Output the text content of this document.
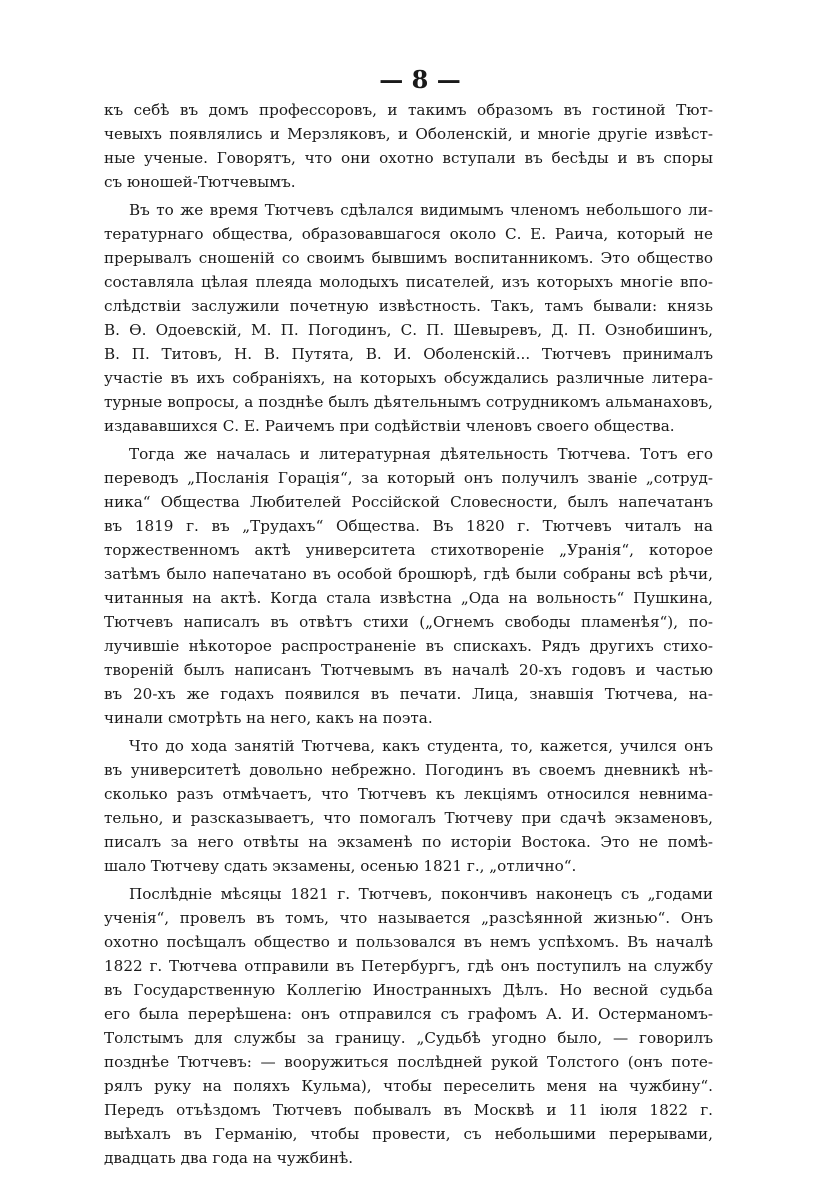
— 8 —
къ себѣ въ домъ профессоровъ, и такимъ образомъ въ гостиной Тют-
чевыхъ появлялись и Мерзляковъ, и Оболенскій, и многіе другіе извѣст-
ные ученые. Говорятъ, что они охотно вступали въ бесѣды и въ споры
съ юношей-Тютчевымъ.
Въ то же время Тютчевъ сдѣлался видимымъ членомъ небольшого ли-
тературнаго общества, образовавшагося около С. Е. Раича, который не
прерывалъ сношеній со своимъ бывшимъ воспитанникомъ. Это общество
составляла цѣлая плеяда молодыхъ писателей, изъ которыхъ многіе впо-
слѣдствіи заслужили почетную извѣстность. Такъ, тамъ бывали: князь
В. Ѳ. Одоевскій, М. П. Погодинъ, С. П. Шевыревъ, Д. П. Ознобишинъ,
В. П. Титовъ, Н. В. Путята, В. И. Оболенскій... Тютчевъ принималъ
участіе въ ихъ собраніяхъ, на которыхъ обсуждались различные литера-
турные вопросы, а позднѣе былъ дѣятельнымъ сотрудникомъ альманаховъ,
издававшихся С. Е. Раичемъ при содѣйствіи членовъ своего общества.
Тогда же началась и литературная дѣятельность Тютчева. Тотъ его
переводъ „Посланія Горація“, за который онъ получилъ званіе „сотруд-
ника“ Общества Любителей Россійской Словесности, былъ напечатанъ
въ 1819 г. въ „Трудахъ“ Общества. Въ 1820 г. Тютчевъ читалъ на
торжественномъ актѣ университета стихотвореніе „Уранія“, которое
затѣмъ было напечатано въ особой брошюрѣ, гдѣ были собраны всѣ рѣчи,
читанныя на актѣ. Когда стала извѣстна „Ода на вольность“ Пушкина,
Тютчевъ написалъ въ отвѣтъ стихи („Огнемъ свободы пламенѣя“), по-
лучившіе нѣкоторое распространеніе въ спискахъ. Рядъ другихъ стихо-
твореній былъ написанъ Тютчевымъ въ началѣ 20-хъ годовъ и частью
въ 20-хъ же годахъ появился въ печати. Лица, знавшія Тютчева, на-
чинали смотрѣть на него, какъ на поэта.
Что до хода занятій Тютчева, какъ студента, то, кажется, учился онъ
въ университетѣ довольно небрежно. Погодинъ въ своемъ дневникѣ нѣ-
сколько разъ отмѣчаетъ, что Тютчевъ къ лекціямъ относился невнима-
тельно, и разсказываетъ, что помогалъ Тютчеву при сдачѣ экзаменовъ,
писалъ за него отвѣты на экзаменѣ по исторіи Востока. Это не помѣ-
шало Тютчеву сдать экзамены, осенью 1821 г., „отлично“.
Послѣдніе мѣсяцы 1821 г. Тютчевъ, покончивъ наконецъ съ „годами
ученія“, провелъ въ томъ, что называется „разсѣянной жизнью“. Онъ
охотно посѣщалъ общество и пользовался въ немъ успѣхомъ. Въ началѣ
1822 г. Тютчева отправили въ Петербургъ, гдѣ онъ поступилъ на службу
въ Государственную Коллегію Иностранныхъ Дѣлъ. Но весной судьба
его была перерѣшена: онъ отправился съ графомъ А. И. Остерманомъ-
Толстымъ для службы за границу. „Судьбѣ угодно было, — говорилъ
позднѣе Тютчевъ: — вооружиться послѣдней рукой Толстого (онъ поте-
рялъ руку на поляхъ Кульма), чтобы переселить меня на чужбину“.
Передъ отъѣздомъ Тютчевъ побывалъ въ Москвѣ и 11 іюля 1822 г.
выѣхалъ въ Германію, чтобы провести, съ небольшими перерывами,
двадцать два года на чужбинѣ.
